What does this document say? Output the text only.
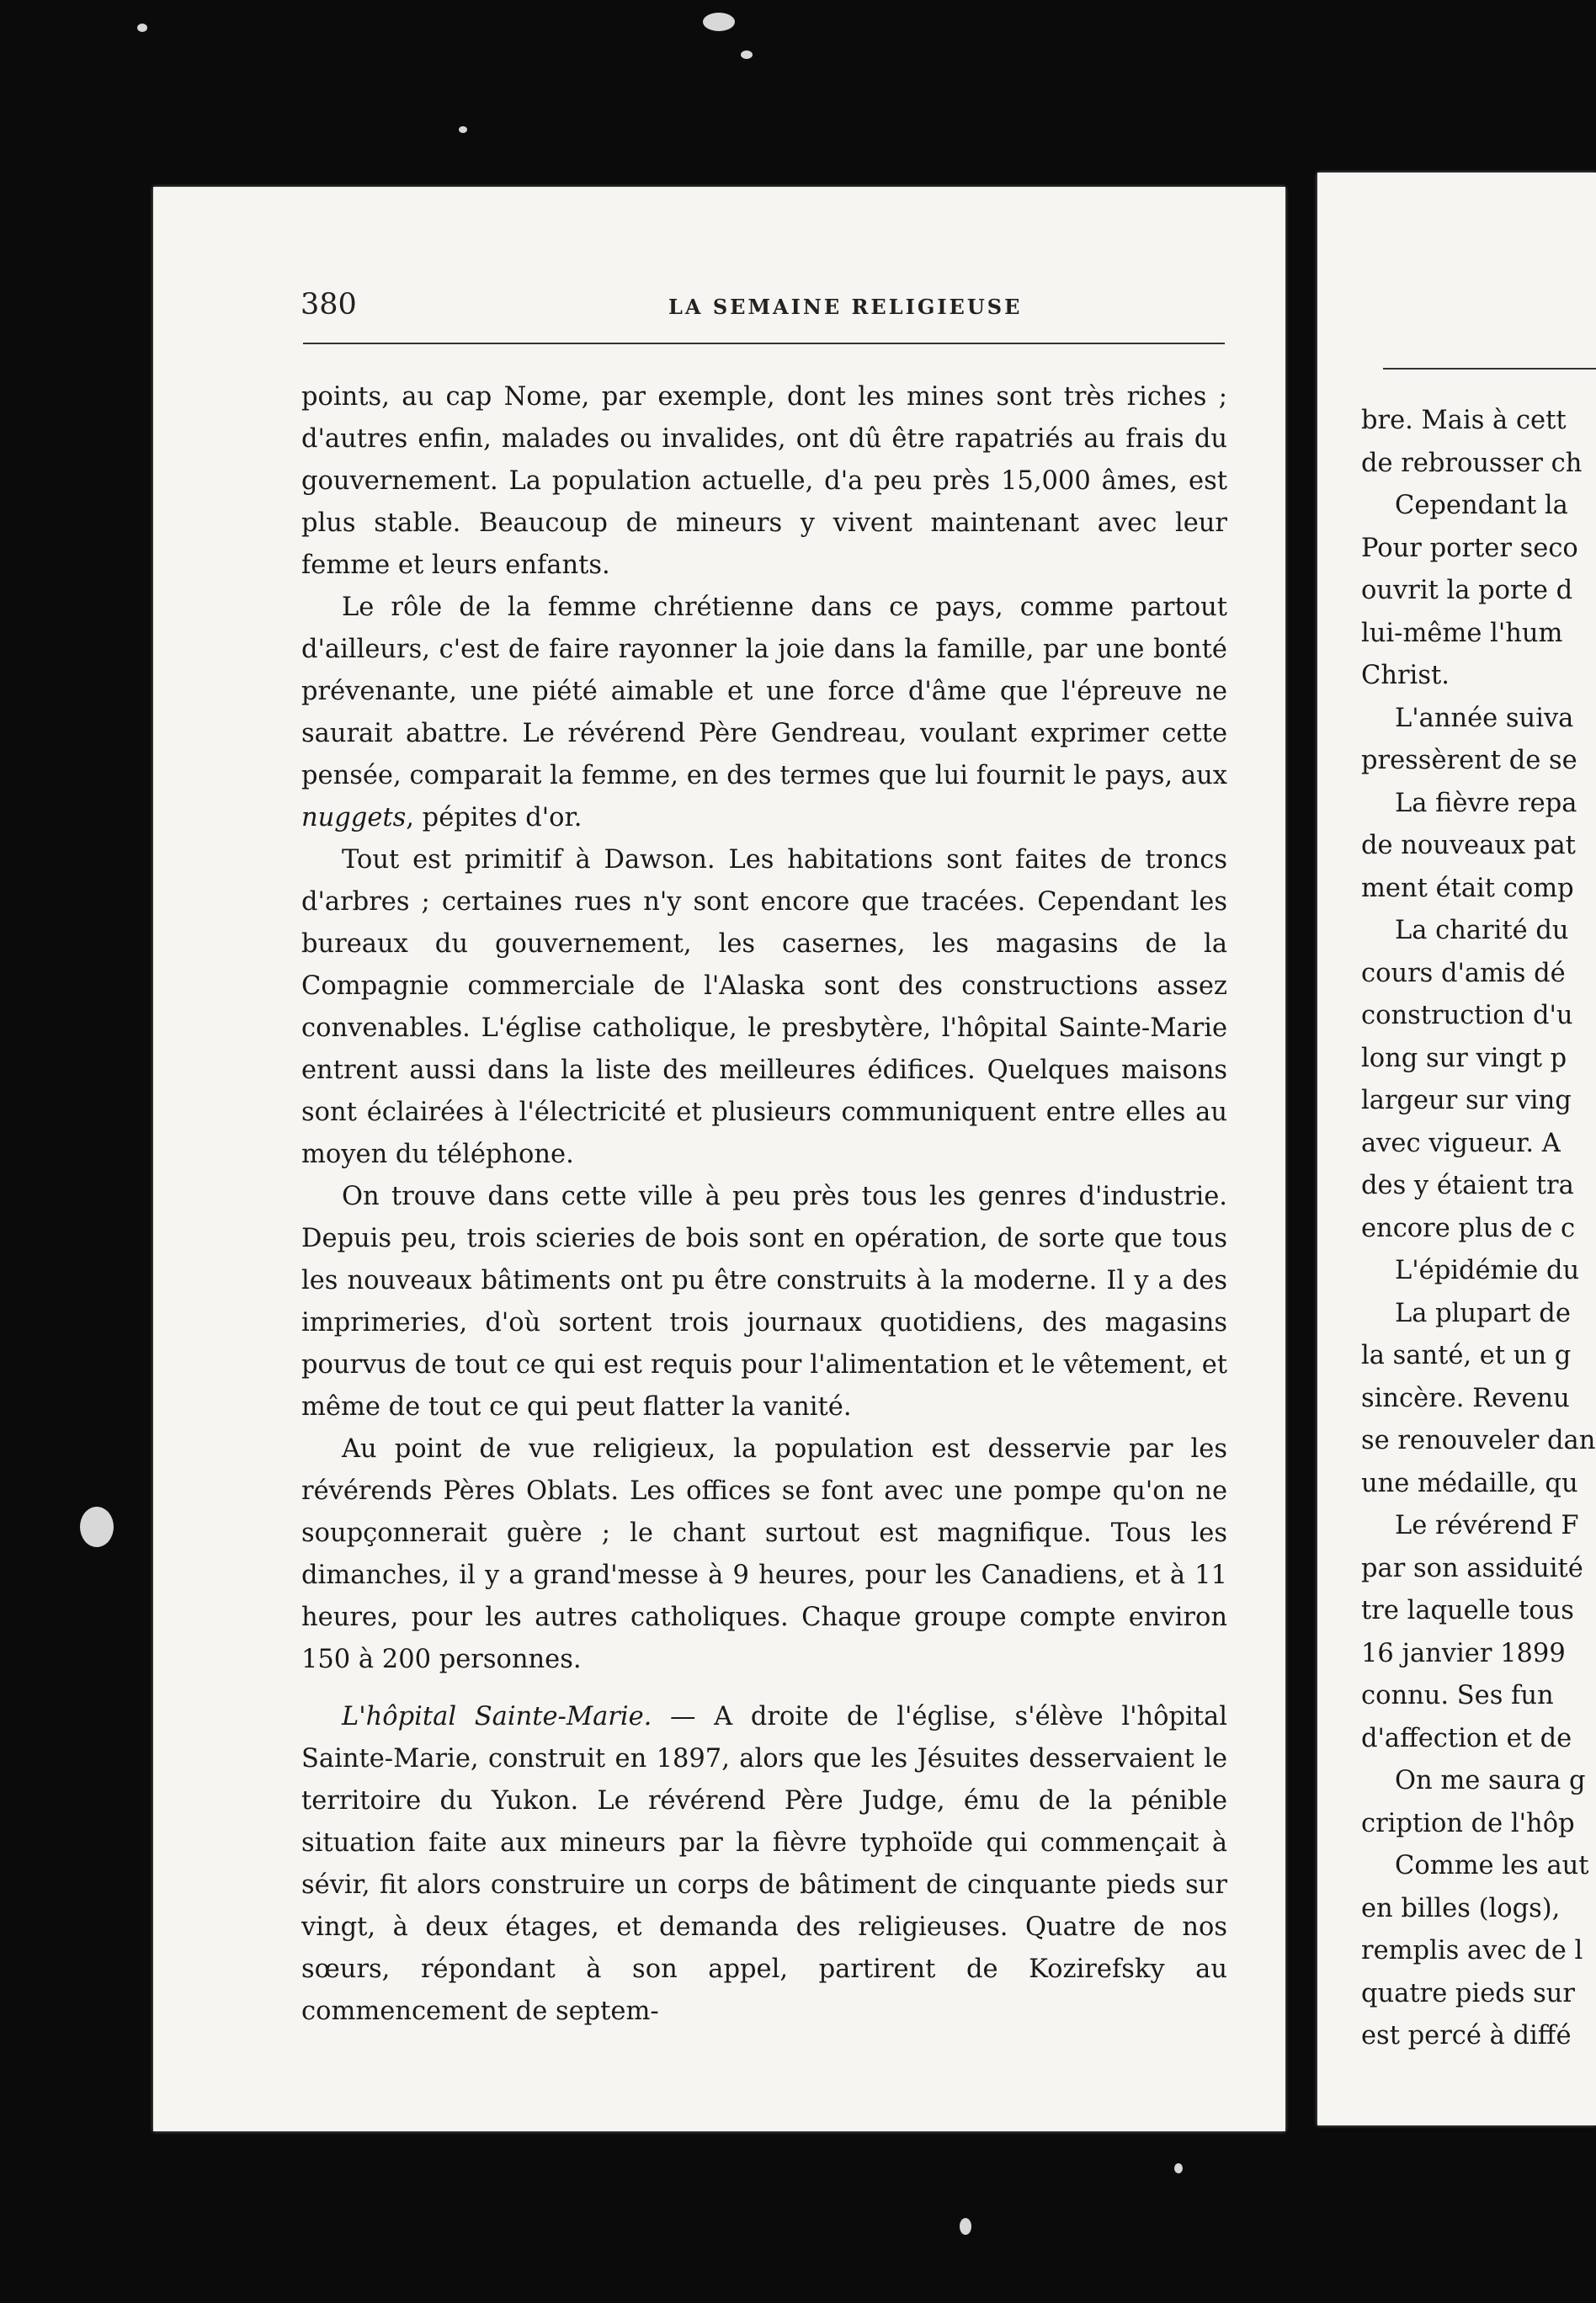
380	LA SEMAINE RELIGIEUSE

points, au cap Nome, par exemple, dont les mines sont très riches ; d'autres enfin, malades ou invalides, ont dû être rapatriés au frais du gouvernement. La population actuelle, d'a peu près 15,000 âmes, est plus stable. Beaucoup de mineurs y vivent maintenant avec leur femme et leurs enfants.

Le rôle de la femme chrétienne dans ce pays, comme partout d'ailleurs, c'est de faire rayonner la joie dans la famille, par une bonté prévenante, une piété aimable et une force d'âme que l'épreuve ne saurait abattre. Le révérend Père Gendreau, voulant exprimer cette pensée, comparait la femme, en des termes que lui fournit le pays, aux nuggets, pépites d'or.

Tout est primitif à Dawson. Les habitations sont faites de troncs d'arbres ; certaines rues n'y sont encore que tracées. Cependant les bureaux du gouvernement, les casernes, les magasins de la Compagnie commerciale de l'Alaska sont des constructions assez convenables. L'église catholique, le presbytère, l'hôpital Sainte-Marie entrent aussi dans la liste des meilleures édifices. Quelques maisons sont éclairées à l'électricité et plusieurs communiquent entre elles au moyen du téléphone.

On trouve dans cette ville à peu près tous les genres d'industrie. Depuis peu, trois scieries de bois sont en opération, de sorte que tous les nouveaux bâtiments ont pu être construits à la moderne. Il y a des imprimeries, d'où sortent trois journaux quotidiens, des magasins pourvus de tout ce qui est requis pour l'alimentation et le vêtement, et même de tout ce qui peut flatter la vanité.

Au point de vue religieux, la population est desservie par les révérends Pères Oblats. Les offices se font avec une pompe qu'on ne soupçonnerait guère ; le chant surtout est magnifique. Tous les dimanches, il y a grand'messe à 9 heures, pour les Canadiens, et à 11 heures, pour les autres catholiques. Chaque groupe compte environ 150 à 200 personnes.

L'hôpital Sainte-Marie. — A droite de l'église, s'élève l'hôpital Sainte-Marie, construit en 1897, alors que les Jésuites desservaient le territoire du Yukon. Le révérend Père Judge, ému de la pénible situation faite aux mineurs par la fièvre typhoïde qui commençait à sévir, fit alors construire un corps de bâtiment de cinquante pieds sur vingt, à deux étages, et demanda des religieuses. Quatre de nos sœurs, répondant à son appel, partirent de Kozirefsky au commencement de septem-

bre. Mais à cett
de rebrousser ch
Cependant la
Pour porter seco
ouvrit la porte d
lui-même l'hum
Christ.
L'année suiva
pressèrent de se
La fièvre repa
de nouveaux pat
ment était comp
La charité du
cours d'amis dé
construction d'u
long sur vingt p
largeur sur ving
avec vigueur. A
des y étaient tra
encore plus de c
L'épidémie du
La plupart de
la santé, et un g
sincère. Revenu
se renouveler dan
une médaille, qu
Le révérend F
par son assiduité
tre laquelle tous
16 janvier 1899
connu. Ses fun
d'affection et de
On me saura g
cription de l'hôp
Comme les aut
en billes (logs),
remplis avec de l
quatre pieds sur
est percé à diffé
